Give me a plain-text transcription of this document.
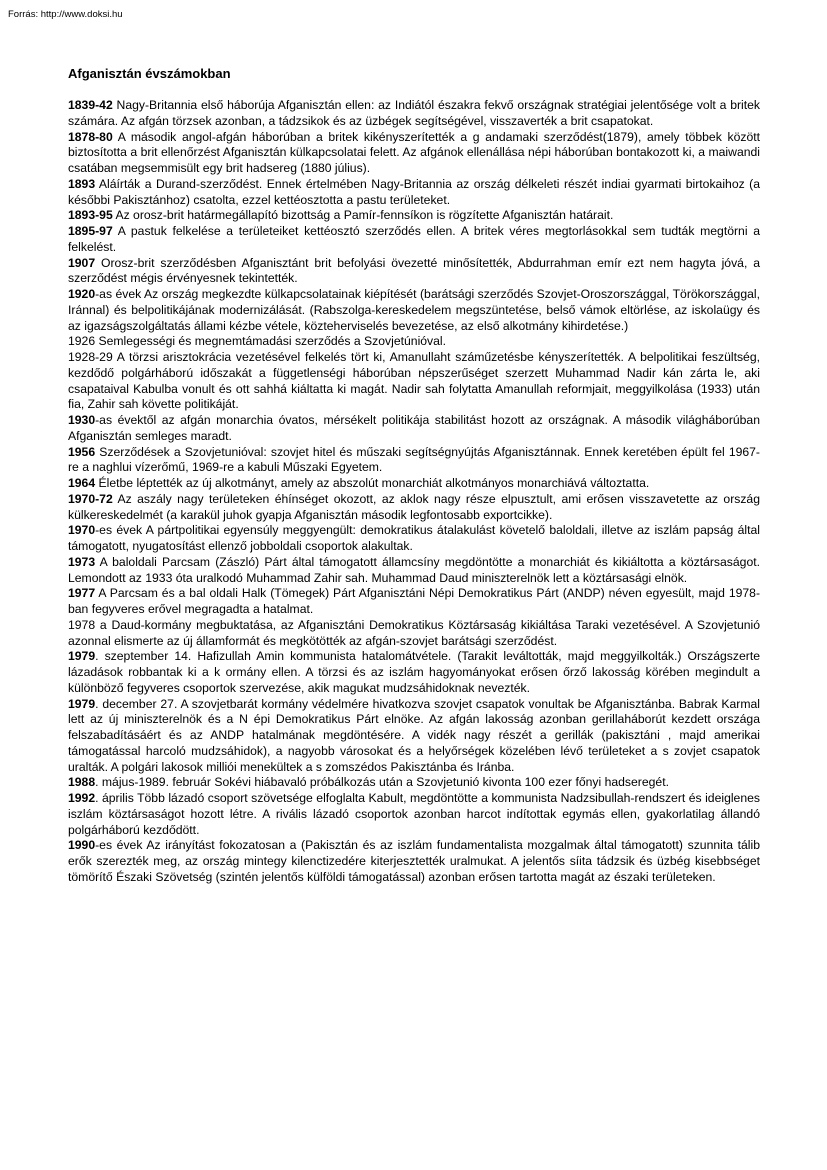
Forrás: http://www.doksi.hu
Afganisztán évszámokban

1839-42 Nagy-Britannia első háborúja Afganisztán ellen: az Indiától északra fekvő országnak stratégiai jelentősége volt a britek számára. Az afgán törzsek azonban, a tádzsikok és az üzbégek segítségével, visszaverték a brit csapatokat.

1878-80 A második angol-afgán háborúban a britek kikényszerítették a g andamaki szerződést(1879), amely többek között biztosította a brit ellenőrzést Afganisztán külkapcsolatai felett. Az afgánok ellenállása népi háborúban bontakozott ki, a maiwandi csatában megsemmisült egy brit hadsereg (1880 július).

1893 Aláírták a Durand-szerződést. Ennek értelmében Nagy-Britannia az ország délkeleti részét indiai gyarmati birtokaihoz (a későbbi Pakisztánhoz) csatolta, ezzel kettéosztotta a pastu területeket.

1893-95 Az orosz-brit határmegállapító bizottság a Pamír-fennsíkon is rögzítette Afganisztán határait.

1895-97 A pastuk felkelése a területeiket kettéosztó szerződés ellen. A britek véres megtorlásokkal sem tudták megtörni a felkelést.

1907 Orosz-brit szerződésben Afganisztánt brit befolyási övezetté minősítették, Abdurrahman emír ezt nem hagyta jóvá, a szerződést mégis érvényesnek tekintették.

1920-as évek Az ország megkezdte külkapcsolatainak kiépítését (barátsági szerződés Szovjet-Oroszországgal, Törökországgal, Iránnal) és belpolitikájának modernizálását. (Rabszolga-kereskedelem megszüntetése, belső vámok eltörlése, az iskolaügy és az igazságszolgáltatás állami kézbe vétele, közteherviselés bevezetése, az első alkotmány kihirdetése.)

1926 Semlegességi és megnemtámadási szerződés a Szovjetúnióval.

1928-29 A törzsi arisztokrácia vezetésével felkelés tört ki, Amanullaht száműzetésbe kényszerítették. A belpolitikai feszültség, kezdődő polgárháború időszakát a függetlenségi háborúban népszerűséget szerzett Muhammad Nadir kán zárta le, aki csapataival Kabulba vonult és ott sahhá kiáltatta ki magát. Nadir sah folytatta Amanullah reformjait, meggyilkolása (1933) után fia, Zahir sah követte politikáját.

1930-as évektől az afgán monarchia óvatos, mérsékelt politikája stabilitást hozott az országnak. A második világháborúban Afganisztán semleges maradt.

1956 Szerződések a Szovjetunióval: szovjet hitel és műszaki segítségnyújtás Afganisztánnak. Ennek keretében épült fel 1967-re a naghlui vízerőmű, 1969-re a kabuli Műszaki Egyetem.

1964 Életbe léptették az új alkotmányt, amely az abszolút monarchiát alkotmányos monarchiává változtatta.

1970-72 Az aszály nagy területeken éhínséget okozott, az aklok nagy része elpusztult, ami erősen visszavetette az ország külkereskedelmét (a karakül juhok gyapja Afganisztán második legfontosabb exportcikke).

1970-es évek A pártpolitikai egyensúly meggyengült: demokratikus átalakulást követelő baloldali, illetve az iszlám papság által támogatott, nyugatosítást ellenző jobboldali csoportok alakultak.

1973 A baloldali Parcsam (Zászló) Párt által támogatott államcsíny megdöntötte a monarchiát és kikiáltotta a köztársaságot. Lemondott az 1933 óta uralkodó Muhammad Zahir sah. Muhammad Daud miniszterelnök lett a köztársasági elnök.

1977 A Parcsam és a bal oldali Halk (Tömegek) Párt Afganisztáni Népi Demokratikus Párt (ANDP) néven egyesült, majd 1978-ban fegyveres erővel megragadta a hatalmat.

1978 a Daud-kormány megbuktatása, az Afganisztáni Demokratikus Köztársaság kikiáltása Taraki vezetésével. A Szovjetunió azonnal elismerte az új államformát és megkötötték az afgán-szovjet barátsági szerződést.

1979. szeptember 14. Hafizullah Amin kommunista hatalomátvétele. (Tarakit leváltották, majd meggyilkolták.) Országszerte lázadások robbantak ki a k ormány ellen. A törzsi és az iszlám hagyományokat erősen őrző lakosság körében megindult a különböző fegyveres csoportok szervezése, akik magukat mudzsáhidoknak nevezték.

1979. december 27. A szovjetbarát kormány védelmére hivatkozva szovjet csapatok vonultak be Afganisztánba. Babrak Karmal lett az új miniszterelnök és a N épi Demokratikus Párt elnöke. Az afgán lakosság azonban gerillaháborút kezdett országa felszabadításáért és az ANDP hatalmának megdöntésére. A vidék nagy részét a gerillák (pakisztáni , majd amerikai támogatással harcoló mudzsáhidok), a nagyobb városokat és a helyőrségek közelében lévő területeket a s zovjet csapatok uralták. A polgári lakosok milliói menekültek a s zomszédos Pakisztánba és Iránba.

1988. május-1989. február Sokévi hiábavaló próbálkozás után a Szovjetunió kivonta 100 ezer főnyi hadseregét.

1992. április Több lázadó csoport szövetsége elfoglalta Kabult, megdöntötte a kommunista Nadzsibullah-rendszert és ideiglenes iszlám köztársaságot hozott létre. A rivális lázadó csoportok azonban harcot indítottak egymás ellen, gyakorlatilag állandó polgárháború kezdődött.

1990-es évek Az irányítást fokozatosan a (Pakisztán és az iszlám fundamentalista mozgalmak által támogatott) szunnita tálib erők szerezték meg, az ország mintegy kilenctizedére kiterjesztették uralmukat. A jelentős síita tádzsik és üzbég kisebbséget tömörítő Északi Szövetség (szintén jelentős külföldi támogatással) azonban erősen tartotta magát az északi területeken.
